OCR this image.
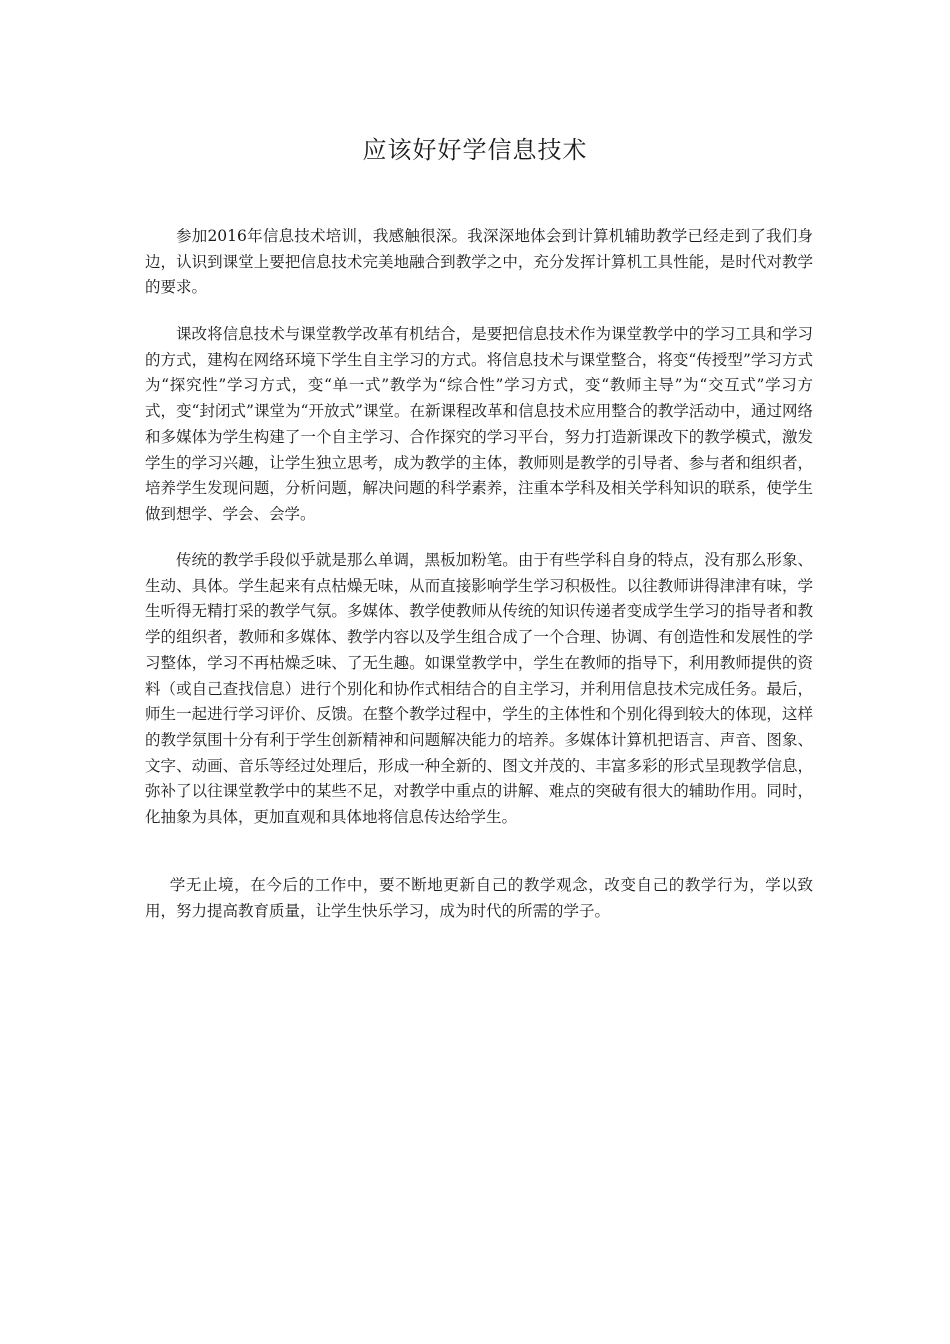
应该好好学信息技术

参加2016年信息技术培训，我感触很深。我深深地体会到计算机辅助教学已经走到了我们身边，认识到课堂上要把信息技术完美地融合到教学之中，充分发挥计算机工具性能，是时代对教学的要求。

课改将信息技术与课堂教学改革有机结合，是要把信息技术作为课堂教学中的学习工具和学习的方式，建构在网络环境下学生自主学习的方式。将信息技术与课堂整合，将变“传授型”学习方式为“探究性”学习方式，变“单一式”教学为“综合性”学习方式，变“教师主导”为“交互式”学习方式，变“封闭式”课堂为“开放式”课堂。在新课程改革和信息技术应用整合的教学活动中，通过网络和多媒体为学生构建了一个自主学习、合作探究的学习平台，努力打造新课改下的教学模式，激发学生的学习兴趣，让学生独立思考，成为教学的主体，教师则是教学的引导者、参与者和组织者，培养学生发现问题，分析问题，解决问题的科学素养，注重本学科及相关学科知识的联系，使学生做到想学、学会、会学。

传统的教学手段似乎就是那么单调，黑板加粉笔。由于有些学科自身的特点，没有那么形象、生动、具体。学生起来有点枯燥无味，从而直接影响学生学习积极性。以往教师讲得津津有味，学生听得无精打采的教学气氛。多媒体、教学使教师从传统的知识传递者变成学生学习的指导者和教学的组织者，教师和多媒体、教学内容以及学生组合成了一个合理、协调、有创造性和发展性的学习整体，学习不再枯燥乏味、了无生趣。如课堂教学中，学生在教师的指导下，利用教师提供的资料（或自己查找信息）进行个别化和协作式相结合的自主学习，并利用信息技术完成任务。最后，师生一起进行学习评价、反馈。在整个教学过程中，学生的主体性和个别化得到较大的体现，这样的教学氛围十分有利于学生创新精神和问题解决能力的培养。多媒体计算机把语言、声音、图象、文字、动画、音乐等经过处理后，形成一种全新的、图文并茂的、丰富多彩的形式呈现教学信息，弥补了以往课堂教学中的某些不足，对教学中重点的讲解、难点的突破有很大的辅助作用。同时，化抽象为具体，更加直观和具体地将信息传达给学生。

学无止境，在今后的工作中，要不断地更新自己的教学观念，改变自己的教学行为，学以致用，努力提高教育质量，让学生快乐学习，成为时代的所需的学子。
